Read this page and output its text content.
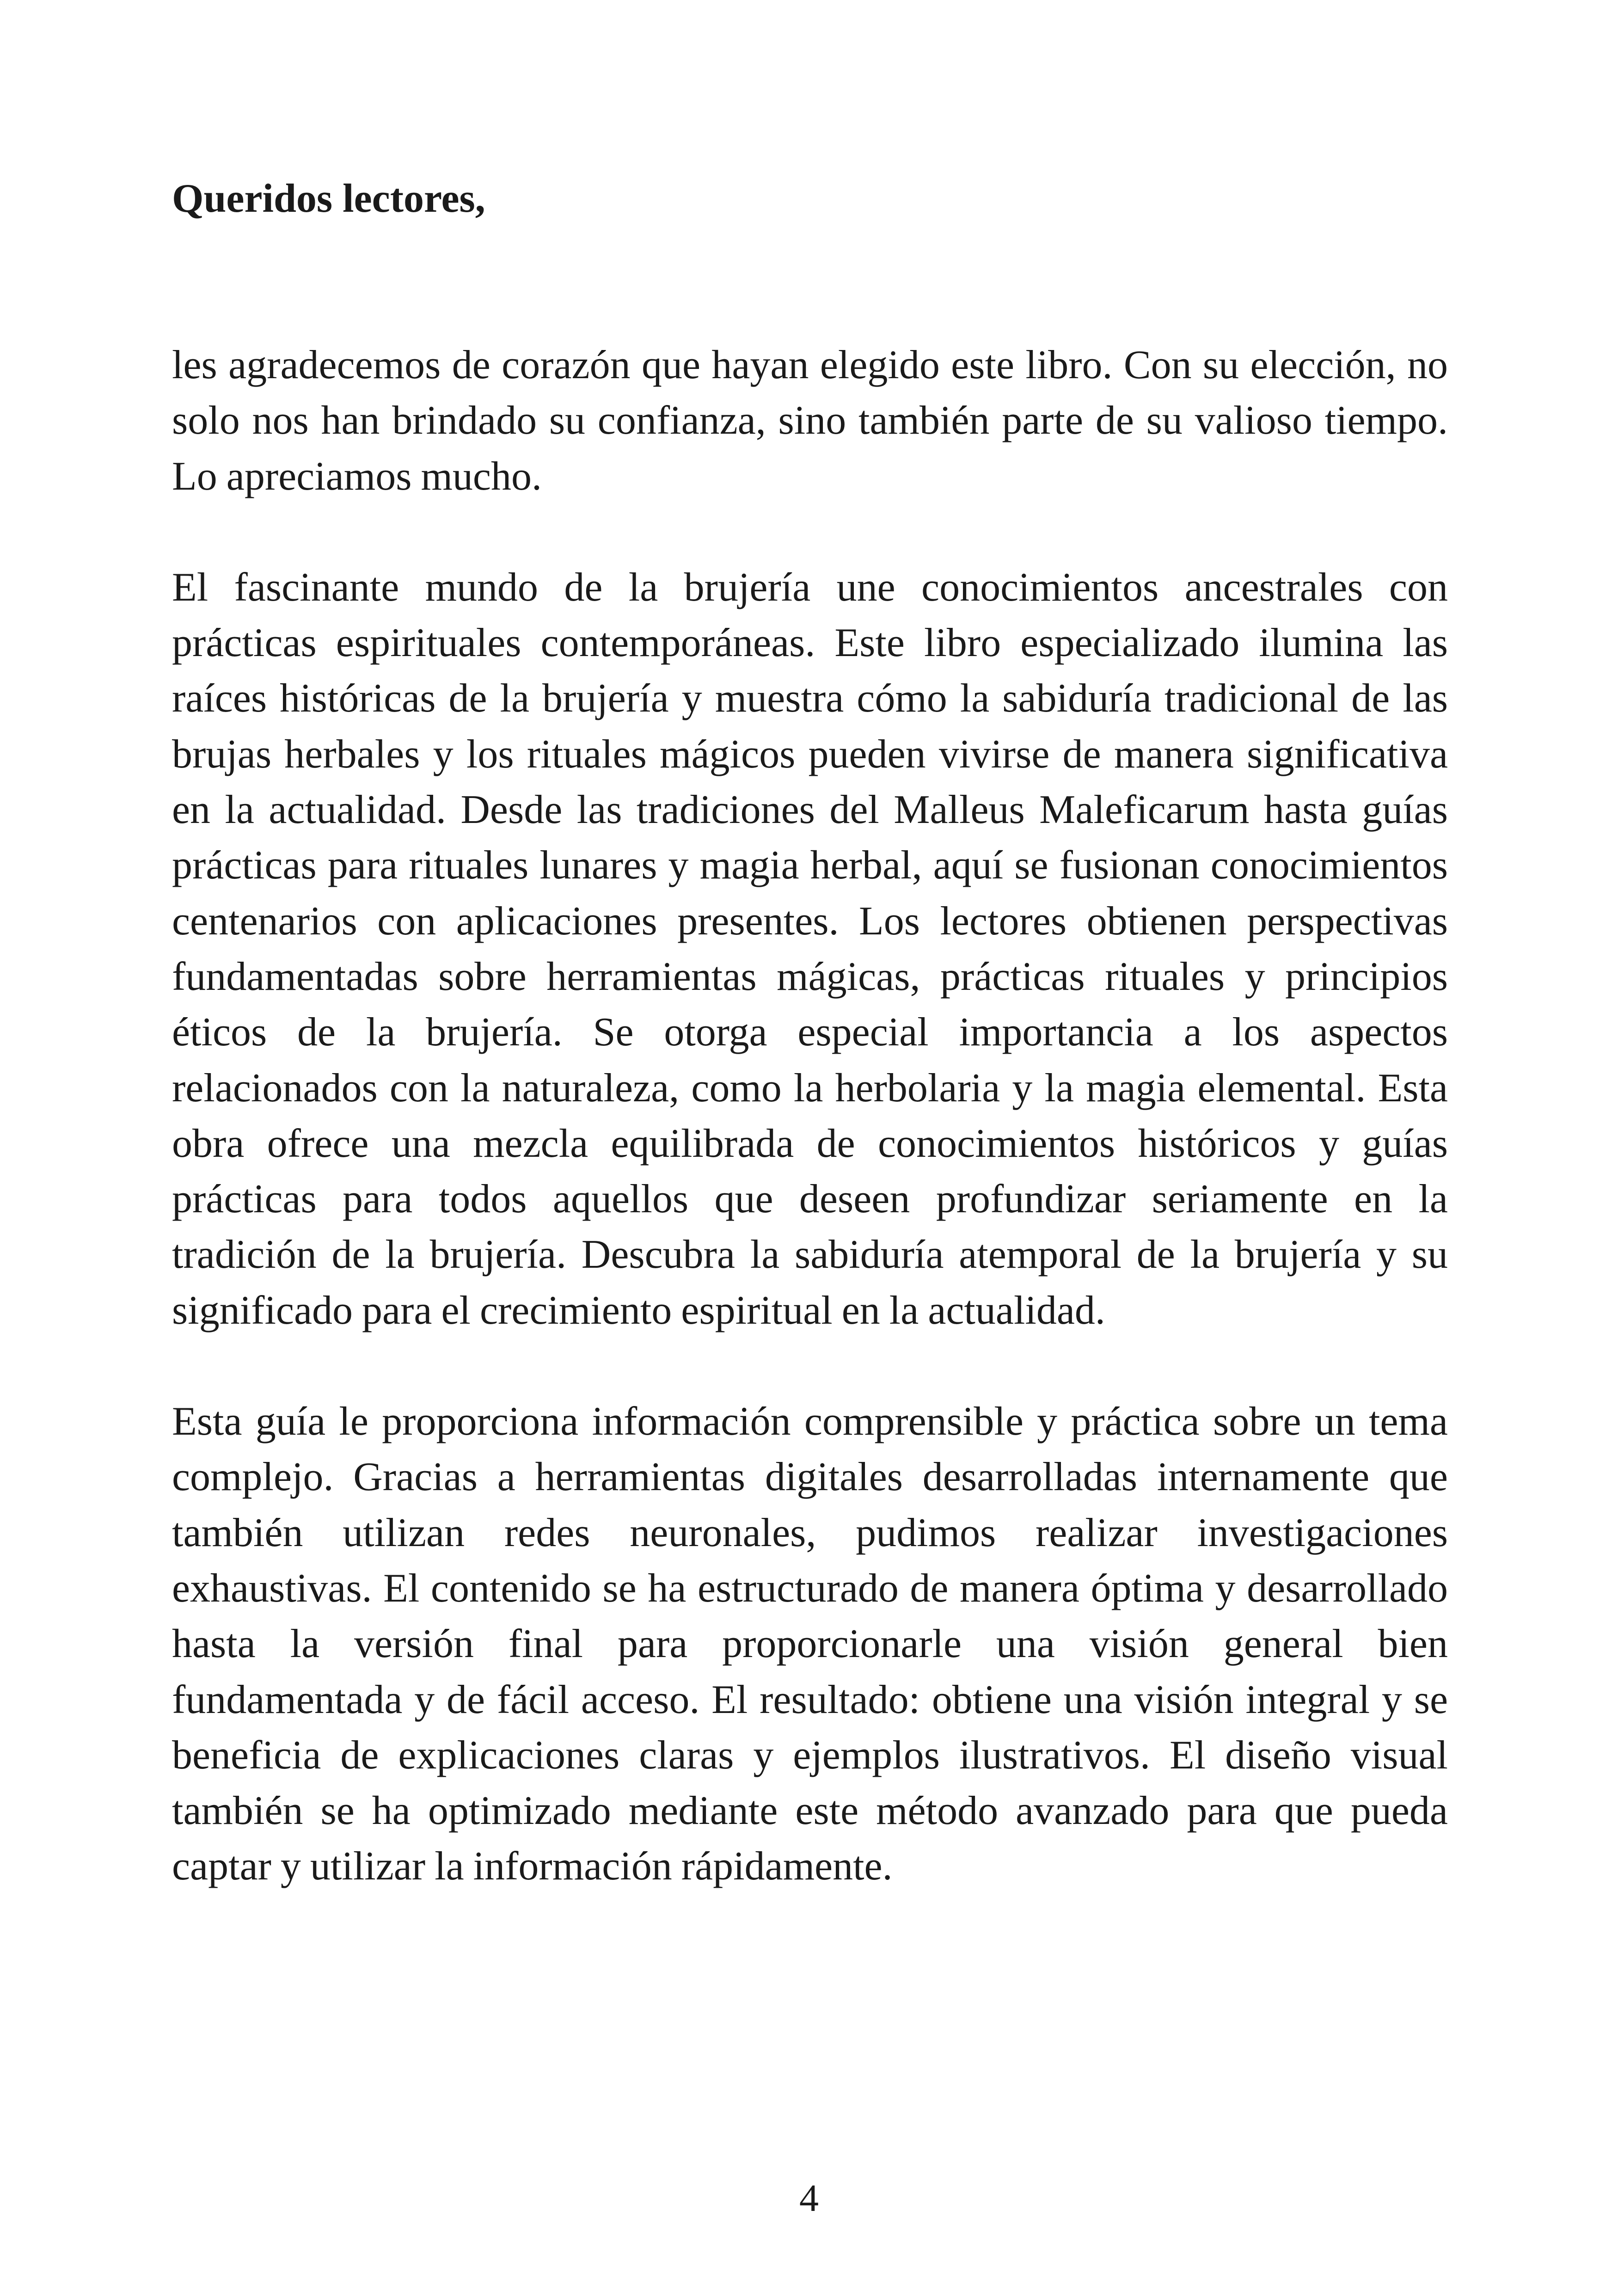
Queridos lectores,

les agradecemos de corazón que hayan elegido este libro. Con su elección, no solo nos han brindado su confianza, sino también parte de su valioso tiempo. Lo apreciamos mucho.

El fascinante mundo de la brujería une conocimientos ancestrales con prácticas espirituales contemporáneas. Este libro especializado ilumina las raíces históricas de la brujería y muestra cómo la sabiduría tradicional de las brujas herbales y los rituales mágicos pueden vivirse de manera significativa en la actualidad. Desde las tradiciones del Malleus Maleficarum hasta guías prácticas para rituales lunares y magia herbal, aquí se fusionan conocimientos centenarios con aplicaciones presentes. Los lectores obtienen perspectivas fundamentadas sobre herramientas mágicas, prácticas rituales y principios éticos de la brujería. Se otorga especial importancia a los aspectos relacionados con la naturaleza, como la herbolaria y la magia elemental. Esta obra ofrece una mezcla equilibrada de conocimientos históricos y guías prácticas para todos aquellos que deseen profundizar seriamente en la tradición de la brujería. Descubra la sabiduría atemporal de la brujería y su significado para el crecimiento espiritual en la actualidad.

Esta guía le proporciona información comprensible y práctica sobre un tema complejo. Gracias a herramientas digitales desarrolladas internamente que también utilizan redes neuronales, pudimos realizar investigaciones exhaustivas. El contenido se ha estructurado de manera óptima y desarrollado hasta la versión final para proporcionarle una visión general bien fundamentada y de fácil acceso. El resultado: obtiene una visión integral y se beneficia de explicaciones claras y ejemplos ilustrativos. El diseño visual también se ha optimizado mediante este método avanzado para que pueda captar y utilizar la información rápidamente.

4
